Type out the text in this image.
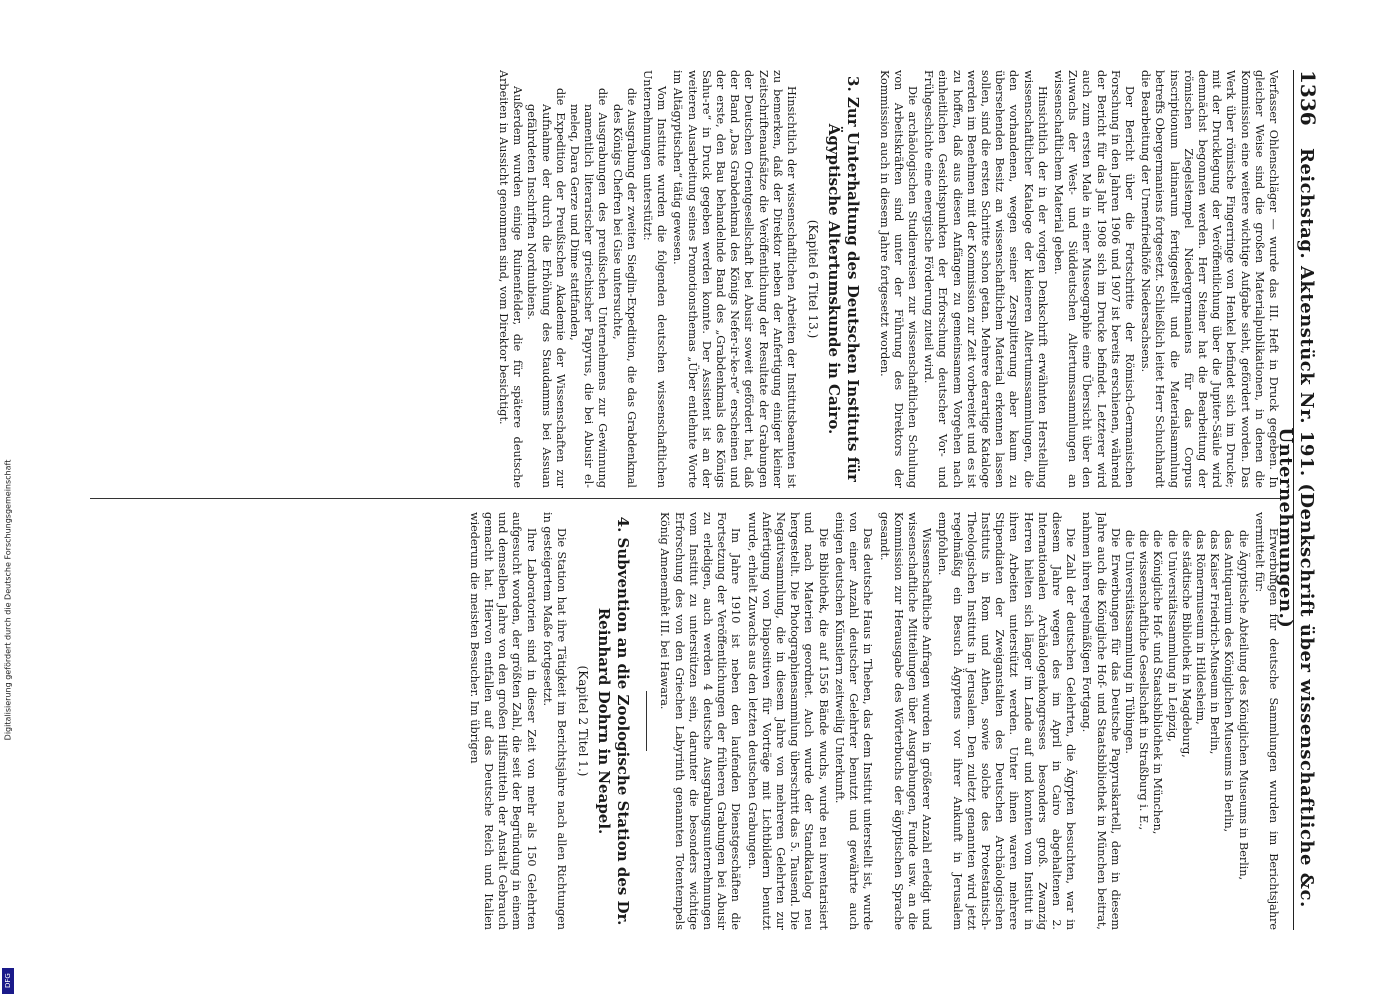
Digitalisierung gefördert durch die Deutsche Forschungsgemeinschaft
DFG
1336
Reichstag. Aktenstück Nr. 191. (Denkschrift über wissenschaftliche &c. Unternehmungen.)

Verfasser Ohlenschläger — wurde das III. Heft in Druck gegeben. In gleicher Weise sind die großen Materialpublikationen, in denen die Kommission eine weitere wichtige Aufgabe sieht, gefördert worden. Das Werk über römische Fingerringe von Henkel befindet sich im Drucke; mit der Drucklegung der Veröffentlichung über die Jupiter-Säule wird demnächst begonnen werden. Herr Steiner hat die Bearbeitung der römischen Ziegelstempel Niedergermaniens für das Corpus inscriptionum latinarum fertiggestellt und die Materialsammlung betreffs Obergermaniens fortgesetzt. Schließlich leitet Herr Schuchhardt die Bearbeitung der Urnenfriedhöfe Niedersachsens.

Der Bericht über die Fortschritte der Römisch-Germanischen Forschung in den Jahren 1906 und 1907 ist bereits erschienen, während der Bericht für das Jahr 1908 sich im Drucke befindet. Letzterer wird auch zum ersten Male in einer Museographie eine Übersicht über den Zuwachs der West- und Süddeutschen Altertumssammlungen an wissenschaftlichem Material geben.

Hinsichtlich der in der vorigen Denkschrift erwähnten Herstellung wissenschaftlicher Kataloge der kleineren Altertumssammlungen, die den vorhandenen, wegen seiner Zersplitterung aber kaum zu übersehenden Besitz an wissenschaftlichem Material erkennen lassen sollen, sind die ersten Schritte schon getan. Mehrere derartige Kataloge werden im Benehmen mit der Kommission zur Zeit vorbereitet und es ist zu hoffen, daß aus diesen Anfängen zu gemeinsamem Vorgehen nach einheitlichen Gesichtspunkten der Erforschung deutscher Vor- und Frühgeschichte eine energische Förderung zuteil wird.

Die archäologischen Studienreisen zur wissenschaftlichen Schulung von Arbeitskräften sind unter der Führung des Direktors der Kommission auch in diesem Jahre fortgesetzt worden.

3. Zur Unterhaltung des Deutschen Instituts für Ägyptische Altertumskunde in Cairo.
(Kapitel 6 Titel 13.)

Hinsichtlich der wissenschaftlichen Arbeiten der Institutsbeamten ist zu bemerken, daß der Direktor neben der Anfertigung einiger kleiner Zeitschriftenaufsätze die Veröffentlichung der Resultate der Grabungen der Deutschen Orientgesellschaft bei Abusir soweit gefördert hat, daß der Band „Das Grabdenkmal des Königs Nefer-ir-ke-re“ erscheinen und der erste, den Bau behandelnde Band des „Grabdenkmals des Königs Sahu-re“ in Druck gegeben werden konnte. Der Assistent ist an der weiteren Ausarbeitung seines Promotionsthemas „Über entlehnte Worte im Altägyptischen“ tätig gewesen.

Vom Institute wurden die folgenden deutschen wissenschaftlichen Unternehmungen unterstützt:

die Ausgrabung der zweiten Sieglin-Expedition, die das Grabdenkmal des Königs Chefren bei Gise untersuchte,

die Ausgrabungen des preußischen Unternehmens zur Gewinnung namentlich literarischer griechischer Papyrus, die bei Abusir el-meleq, Dara Gerze und Dime stattfanden,

die Expedition der Preußischen Akademie der Wissenschaften zur Aufnahme der durch die Erhöhung des Staudamms bei Assuan gefährdeten Inschriften Nordnubiens.

Außerdem wurden einige Ruinenfelder, die für spätere deutsche Arbeiten in Aussicht genommen sind, vom Direktor besichtigt.

Erwerbungen für deutsche Sammlungen wurden im Berichtsjahre vermittelt für:

die Ägyptische Abteilung des Königlichen Museums in Berlin,

das Antiquarium des Königlichen Museums in Berlin,

das Kaiser Friedrich-Museum in Berlin,

das Römermuseum in Hildesheim,

die städtische Bibliothek in Magdeburg,

die Universitätssammlung in Leipzig,

die Königliche Hof- und Staatsbibliothek in München,

die wissenschaftliche Gesellschaft in Straßburg i. E.,

die Universitätssammlung in Tübingen.

Die Erwerbungen für das Deutsche Papyruskartell, dem in diesem Jahre auch die Königliche Hof- und Staatsbibliothek in München beitrat, nahmen ihren regelmäßigen Fortgang.

Die Zahl der deutschen Gelehrten, die Ägypten besuchten, war in diesem Jahre wegen des im April in Cairo abgehaltenen 2. Internationalen Archäologenkongresses besonders groß. Zwanzig Herren hielten sich länger im Lande auf und konnten vom Institut in ihren Arbeiten unterstützt werden. Unter ihnen waren mehrere Stipendiaten der Zweiganstalten des Deutschen Archäologischen Instituts in Rom und Athen, sowie solche des Protestantisch-Theologischen Instituts in Jerusalem. Den zuletzt genannten wird jetzt regelmäßig ein Besuch Ägyptens vor ihrer Ankunft in Jerusalem empfohlen.

Wissenschaftliche Anfragen wurden in größerer Anzahl erledigt und wissenschaftliche Mitteilungen über Ausgrabungen, Funde usw. an die Kommission zur Herausgabe des Wörterbuchs der ägyptischen Sprache gesandt.

Das deutsche Haus in Theben, das dem Institut unterstellt ist, wurde von einer Anzahl deutscher Gelehrter benutzt und gewährte auch einigen deutschen Künstlern zeitweilig Unterkunft.

Die Bibliothek, die auf 1556 Bände wuchs, wurde neu inventarisiert und nach Materien geordnet. Auch wurde der Standkatalog neu hergestellt. Die Photographiensammlung überschritt das 5. Tausend. Die Negativsammlung, die in diesem Jahre von mehreren Gelehrten zur Anfertigung von Diapositiven für Vorträge mit Lichtbildern benutzt wurde, erhielt Zuwachs aus den letzten deutschen Grabungen.

Im Jahre 1910 ist neben den laufenden Dienstgeschäften die Fortsetzung der Veröffentlichungen der früheren Grabungen bei Abusir zu erledigen, auch werden 4 deutsche Ausgrabungsunternehmungen vom Institut zu unterstützen sein, darunter die besonders wichtige Erforschung des von den Griechen Labyrinth genannten Totentempels König Amenemhêt III. bei Hawara.

4. Subvention an die Zoologische Station des Dr. Reinhard Dohrn in Neapel.
(Kapitel 2 Titel 1.)

Die Station hat ihre Tätigkeit im Berichtsjahre nach allen Richtungen in gesteigertem Maße fortgesetzt.

Ihre Laboratorien sind in dieser Zeit von mehr als 150 Gelehrten aufgesucht worden, der größten Zahl, die seit der Begründung in einem und demselben Jahre von den großen Hilfsmitteln der Anstalt Gebrauch gemacht hat. Hiervon entfallen auf das Deutsche Reich und Italien wiederum die meisten Besucher. Im übrigen
